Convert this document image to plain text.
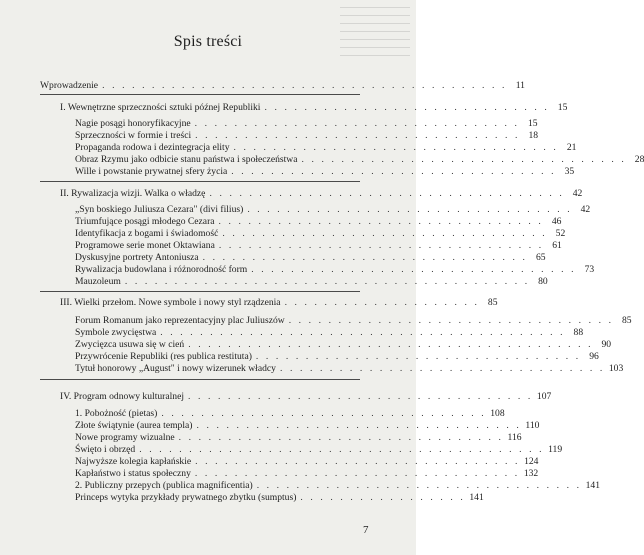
Spis treści
Wprowadzenie . . . . . . . . . . . . . . . . . . . . . . . . . . . . . . . . . . . . . . . . . 11
I. Wewnętrzne sprzeczności sztuki późnej Republiki . . . . . . . . . . . . . . . . . . . . . . . . . . . . . 15
Nagie posągi honoryfikacyjne . . . . . . . . . . . . . . . . . . . . . . . . . . . . . . . . . 15
Sprzeczności w formie i treści . . . . . . . . . . . . . . . . . . . . . . . . . . . . . . . . . 18
Propaganda rodowa i dezintegracja elity . . . . . . . . . . . . . . . . . . . . . . . . . . . . . . . . . 21
Obraz Rzymu jako odbicie stanu państwa i społeczeństwa . . . . . . . . . . . . . . . . . . . . . . . . . . . . . . . . . 28
Wille i powstanie prywatnej sfery życia . . . . . . . . . . . . . . . . . . . . . . . . . . . . . . . . . 35
II. Rywalizacja wizji. Walka o władzę . . . . . . . . . . . . . . . . . . . . . . . . . . . . . . . . . . . . 42
„Syn boskiego Juliusza Cezara" (divi filius) . . . . . . . . . . . . . . . . . . . . . . . . . . . . . . . . . 42
Triumfujące posągi młodego Cezara . . . . . . . . . . . . . . . . . . . . . . . . . . . . . . . . . 46
Identyfikacja z bogami i świadomość . . . . . . . . . . . . . . . . . . . . . . . . . . . . . . . . . 52
Programowe serie monet Oktawiana . . . . . . . . . . . . . . . . . . . . . . . . . . . . . . . . . 61
Dyskusyjne portrety Antoniusza . . . . . . . . . . . . . . . . . . . . . . . . . . . . . . . . . 65
Rywalizacja budowlana i różnorodność form . . . . . . . . . . . . . . . . . . . . . . . . . . . . . . . . . 73
Mauzoleum . . . . . . . . . . . . . . . . . . . . . . . . . . . . . . . . . . . . . . . . . 80
III. Wielki przełom. Nowe symbole i nowy styl rządzenia . . . . . . . . . . . . . . . . . . . . 85
Forum Romanum jako reprezentacyjny plac Juliuszów . . . . . . . . . . . . . . . . . . . . . . . . . . . . . . . . . 85
Symbole zwycięstwa . . . . . . . . . . . . . . . . . . . . . . . . . . . . . . . . . . . . . . . . . 88
Zwycięzca usuwa się w cień . . . . . . . . . . . . . . . . . . . . . . . . . . . . . . . . . . . . . . . . . 90
Przywrócenie Republiki (res publica restituta) . . . . . . . . . . . . . . . . . . . . . . . . . . . . . . . . . 96
Tytuł honorowy „August" i nowy wizerunek władcy . . . . . . . . . . . . . . . . . . . . . . . . . . . . . . . . . 103
IV. Program odnowy kulturalnej . . . . . . . . . . . . . . . . . . . . . . . . . . . . . . . . . . . 107
1. Pobożność (pietas) . . . . . . . . . . . . . . . . . . . . . . . . . . . . . . . . . 108
Złote świątynie (aurea templa) . . . . . . . . . . . . . . . . . . . . . . . . . . . . . . . . . 110
Nowe programy wizualne . . . . . . . . . . . . . . . . . . . . . . . . . . . . . . . . . 116
Święto i obrzęd . . . . . . . . . . . . . . . . . . . . . . . . . . . . . . . . . . . . . . . . . 119
Najwyższe kolegia kapłańskie . . . . . . . . . . . . . . . . . . . . . . . . . . . . . . . . . 124
Kapłaństwo i status społeczny . . . . . . . . . . . . . . . . . . . . . . . . . . . . . . . . . 132
2. Publiczny przepych (publica magnificentia) . . . . . . . . . . . . . . . . . . . . . . . . . . . . . . . . . 141
Princeps wytyka przykłady prywatnego zbytku (sumptus) . . . . . . . . . . . . . . . . . 141
7
